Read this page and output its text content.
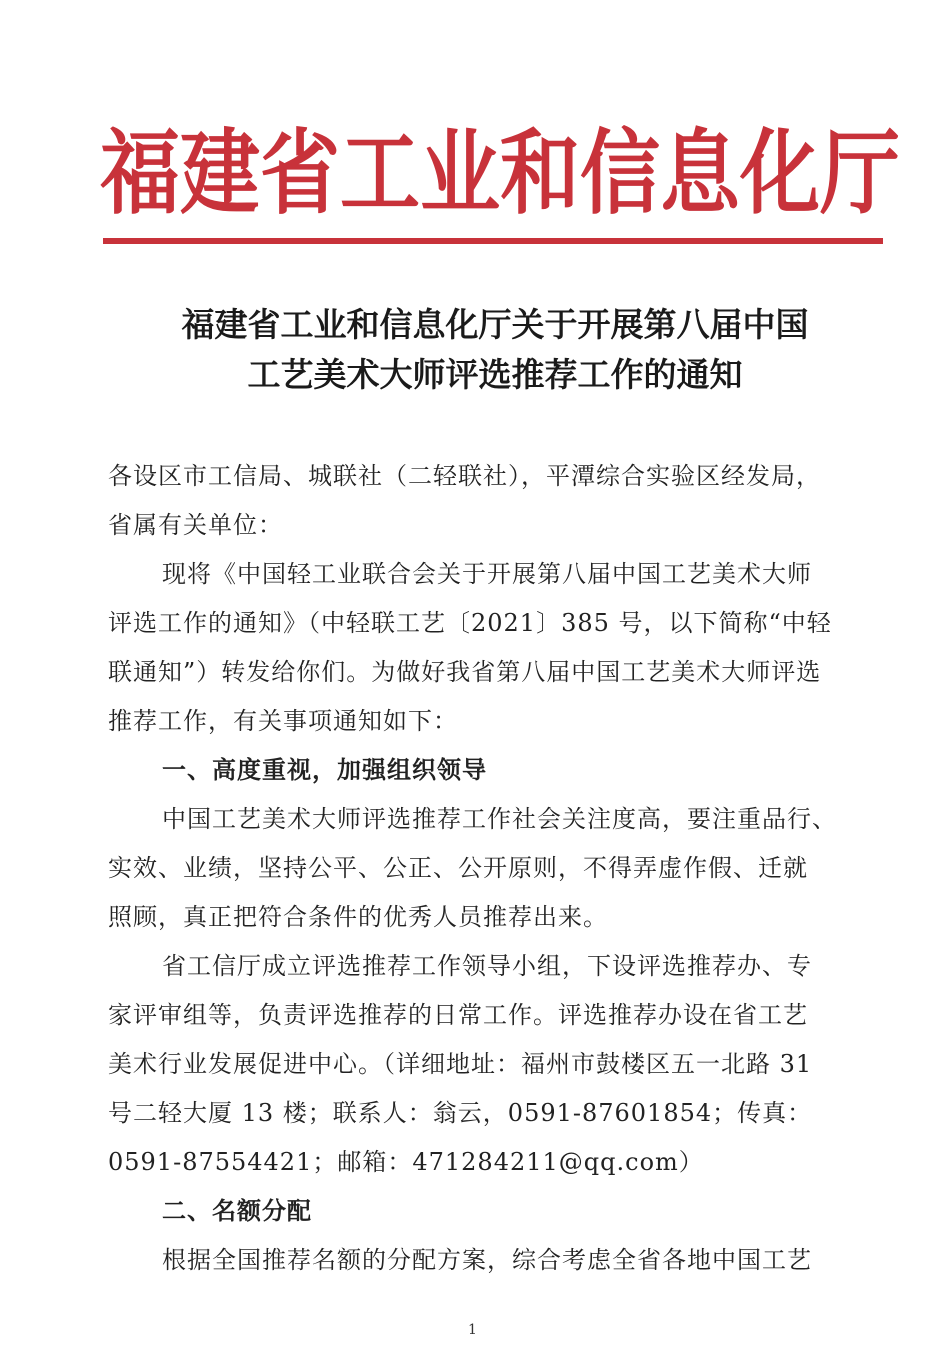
福 建 省 工 业 和 信 息 化 厅
福建省工业和信息化厅关于开展第八届中国
工艺美术大师评选推荐工作的通知
各设区市工信局、城联社（二轻联社），平潭综合实验区经发局，
省属有关单位：
现将《中国轻工业联合会关于开展第八届中国工艺美术大师
评选工作的通知》（中轻联工艺〔2021〕385 号，以下简称“中轻
联通知”）转发给你们。为做好我省第八届中国工艺美术大师评选
推荐工作，有关事项通知如下：
一、高度重视，加强组织领导
中国工艺美术大师评选推荐工作社会关注度高，要注重品行、
实效、业绩，坚持公平、公正、公开原则，不得弄虚作假、迁就
照顾，真正把符合条件的优秀人员推荐出来。
省工信厅成立评选推荐工作领导小组，下设评选推荐办、专
家评审组等，负责评选推荐的日常工作。评选推荐办设在省工艺
美术行业发展促进中心。（详细地址：福州市鼓楼区五一北路 31
号二轻大厦 13 楼；联系人：翁云，0591-87601854；传真：
0591-87554421；邮箱：471284211@qq.com）
二、名额分配
根据全国推荐名额的分配方案，综合考虑全省各地中国工艺
1
